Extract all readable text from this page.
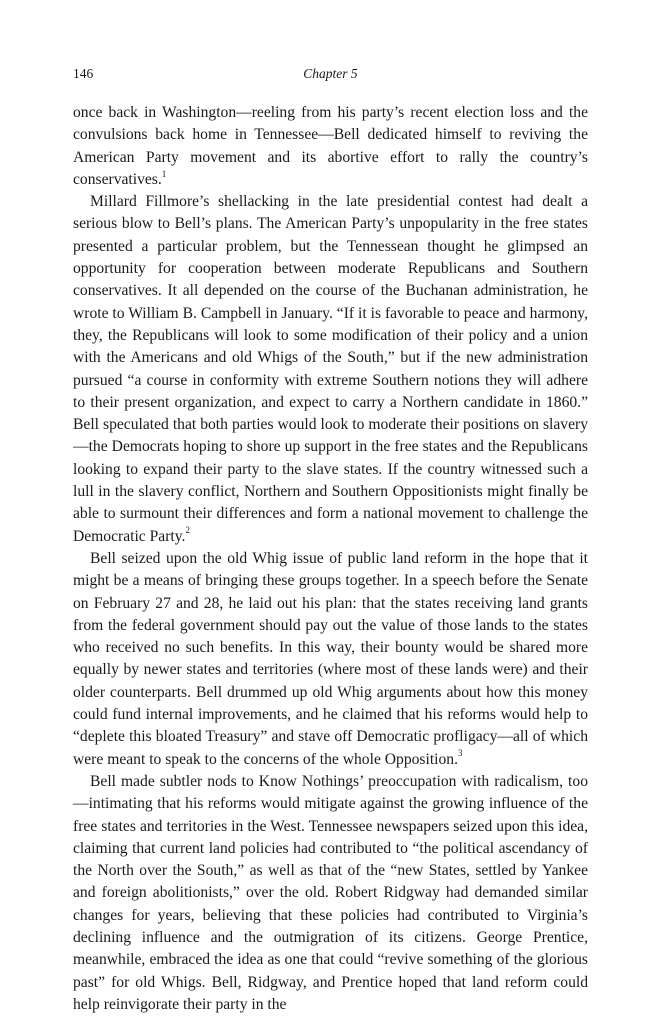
146	Chapter 5

once back in Washington—reeling from his party’s recent election loss and the convulsions back home in Tennessee—Bell dedicated himself to reviving the American Party movement and its abortive effort to rally the country’s conservatives.$^1$

Millard Fillmore’s shellacking in the late presidential contest had dealt a serious blow to Bell’s plans. The American Party’s unpopularity in the free states presented a particular problem, but the Tennessean thought he glimpsed an opportunity for cooperation between moderate Republicans and Southern conservatives. It all depended on the course of the Buchanan administration, he wrote to William B. Campbell in January. “If it is favorable to peace and harmony, they, the Republicans will look to some modification of their policy and a union with the Americans and old Whigs of the South,” but if the new administration pursued “a course in conformity with extreme Southern notions they will adhere to their present organization, and expect to carry a Northern candidate in 1860.” Bell speculated that both parties would look to moderate their positions on slavery—the Democrats hoping to shore up support in the free states and the Republicans looking to expand their party to the slave states. If the country witnessed such a lull in the slavery conflict, Northern and Southern Oppositionists might finally be able to surmount their differences and form a national movement to challenge the Democratic Party.$^2$

Bell seized upon the old Whig issue of public land reform in the hope that it might be a means of bringing these groups together. In a speech before the Senate on February 27 and 28, he laid out his plan: that the states receiving land grants from the federal government should pay out the value of those lands to the states who received no such benefits. In this way, their bounty would be shared more equally by newer states and territories (where most of these lands were) and their older counterparts. Bell drummed up old Whig arguments about how this money could fund internal improvements, and he claimed that his reforms would help to “deplete this bloated Treasury” and stave off Democratic profligacy—all of which were meant to speak to the concerns of the whole Opposition.$^3$

Bell made subtler nods to Know Nothings’ preoccupation with radicalism, too—intimating that his reforms would mitigate against the growing influence of the free states and territories in the West. Tennessee newspapers seized upon this idea, claiming that current land policies had contributed to “the political ascendancy of the North over the South,” as well as that of the “new States, settled by Yankee and foreign abolitionists,” over the old. Robert Ridgway had demanded similar changes for years, believing that these policies had contributed to Virginia’s declining influence and the outmigration of its citizens. George Prentice, meanwhile, embraced the idea as one that could “revive something of the glorious past” for old Whigs. Bell, Ridgway, and Prentice hoped that land reform could help reinvigorate their party in the
